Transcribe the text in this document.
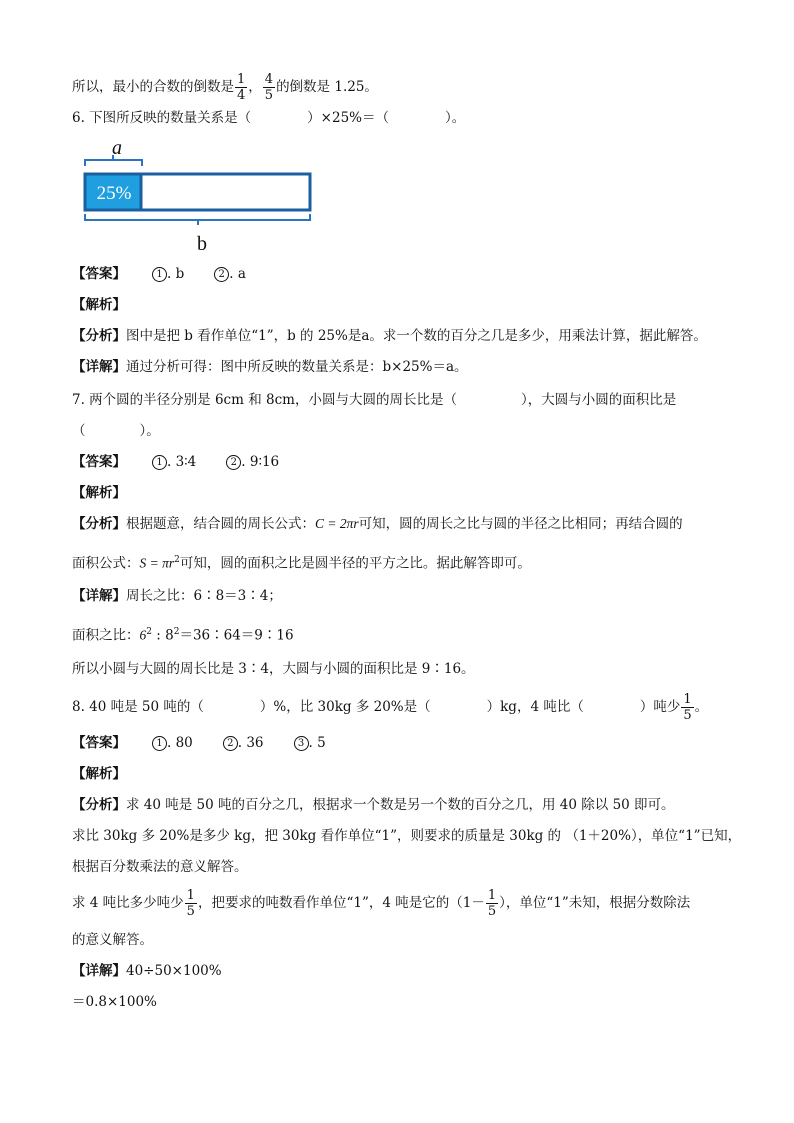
所以，最小的合数的倒数是 $\frac{1}{4}$ ， $\frac{4}{5}$ 的倒数是 1.25。
6. 下图所反映的数量关系是（	）×25%＝（	）。
a
25%
b
【答案】	1 . b	2 . a
【解析】
【分析】图中是把 b 看作单位“1”，b 的 25%是a。求一个数的百分之几是多少，用乘法计算，据此解答。
【详解】通过分析可得：图中所反映的数量关系是：b×25%＝a。
7. 两个圆的半径分别是 6cm 和 8cm，小圆与大圆的周长比是（	），大圆与小圆的面积比是
（	）。
【答案】	1 . 3∶4	2 . 9∶16
【解析】
【分析】根据题意，结合圆的周长公式：C = 2πr可知，圆的周长之比与圆的半径之比相同；再结合圆的
面积公式：$S = \pi r^2$可知，圆的面积之比是圆半径的平方之比。据此解答即可。
【详解】周长之比：6∶8＝3∶4；
面积之比：$6^2$ : $8^2=36∶64=9∶16$
所以小圆与大圆的周长比是 3∶4，大圆与小圆的面积比是 9∶16。
8. 40 吨是 50 吨的（	）%，比 30kg 多 20%是（	）kg，4 吨比（	）吨少 $\frac{1}{5}$ 。
【答案】	1 . 80	2 . 36	3 . 5
【解析】
【分析】求 40 吨是 50 吨的百分之几，根据求一个数是另一个数的百分之几，用 40 除以 50 即可。
求比 30kg 多 20%是多少 kg，把 30kg 看作单位“1”，则要求的质量是 30kg 的 （1＋20%），单位“1”已知，
根据百分数乘法的意义解答。
求 4 吨比多少吨少 $\frac{1}{5}$ ，把要求的吨数看作单位“1”，4 吨是它的（$1- \frac{1}{5}$ ），单位“1”未知，根据分数除法
的意义解答。
【详解】40÷50×100%
＝0.8×100%
